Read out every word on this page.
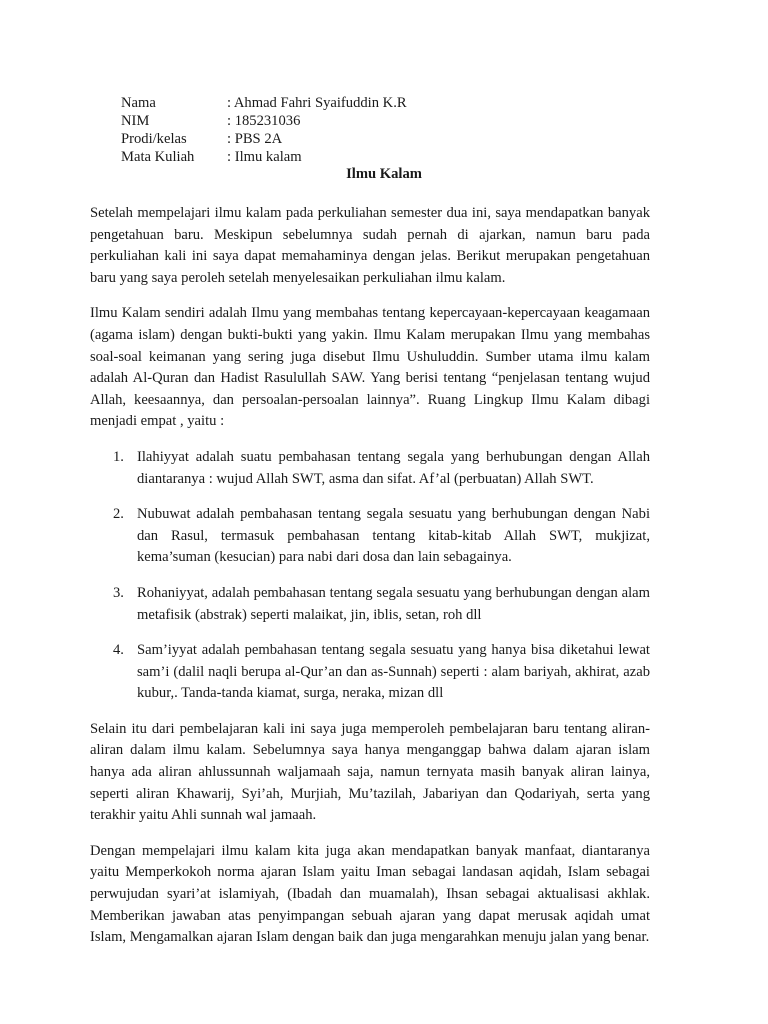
Nama	: Ahmad Fahri Syaifuddin K.R
NIM	: 185231036
Prodi/kelas	: PBS 2A
Mata Kuliah	: Ilmu kalam
Ilmu Kalam

Setelah mempelajari ilmu kalam pada perkuliahan semester dua ini, saya mendapatkan banyak pengetahuan baru. Meskipun sebelumnya sudah pernah di ajarkan, namun baru pada perkuliahan kali ini saya dapat memahaminya dengan jelas. Berikut merupakan pengetahuan baru yang saya peroleh setelah menyelesaikan perkuliahan ilmu kalam.

Ilmu Kalam sendiri adalah Ilmu yang membahas tentang kepercayaan-kepercayaan keagamaan (agama islam) dengan bukti-bukti yang yakin. Ilmu Kalam merupakan Ilmu yang membahas soal-soal keimanan yang sering juga disebut Ilmu Ushuluddin. Sumber utama ilmu kalam adalah Al-Quran dan Hadist Rasulullah SAW. Yang berisi tentang “penjelasan tentang wujud Allah, keesaannya, dan persoalan-persoalan lainnya”. Ruang Lingkup Ilmu Kalam dibagi menjadi empat , yaitu :

1. Ilahiyyat adalah suatu pembahasan tentang segala yang berhubungan dengan Allah diantaranya : wujud Allah SWT, asma dan sifat. Af’al (perbuatan) Allah SWT.
2. Nubuwat adalah pembahasan tentang segala sesuatu yang berhubungan dengan Nabi dan Rasul, termasuk pembahasan tentang kitab-kitab Allah SWT, mukjizat, kema’suman (kesucian) para nabi dari dosa dan lain sebagainya.
3. Rohaniyyat, adalah pembahasan tentang segala sesuatu yang berhubungan dengan alam metafisik (abstrak) seperti malaikat, jin, iblis, setan, roh dll
4. Sam’iyyat adalah pembahasan tentang segala sesuatu yang hanya bisa diketahui lewat sam’i (dalil naqli berupa al-Qur’an dan as-Sunnah) seperti : alam bariyah, akhirat, azab kubur,. Tanda-tanda kiamat, surga, neraka, mizan dll

Selain itu dari pembelajaran kali ini saya juga memperoleh pembelajaran baru tentang aliran-aliran dalam ilmu kalam. Sebelumnya saya hanya menganggap bahwa dalam ajaran islam hanya ada aliran ahlussunnah waljamaah saja, namun ternyata masih banyak aliran lainya, seperti aliran Khawarij, Syi’ah, Murjiah, Mu’tazilah, Jabariyan dan Qodariyah, serta yang terakhir yaitu Ahli sunnah wal jamaah.

Dengan mempelajari ilmu kalam kita juga akan mendapatkan banyak manfaat, diantaranya yaitu Memperkokoh norma ajaran Islam yaitu Iman sebagai landasan aqidah, Islam sebagai perwujudan syari’at islamiyah, (Ibadah dan muamalah), Ihsan sebagai aktualisasi akhlak. Memberikan jawaban atas penyimpangan sebuah ajaran yang dapat merusak aqidah umat Islam, Mengamalkan ajaran Islam dengan baik dan juga mengarahkan menuju jalan yang benar.
